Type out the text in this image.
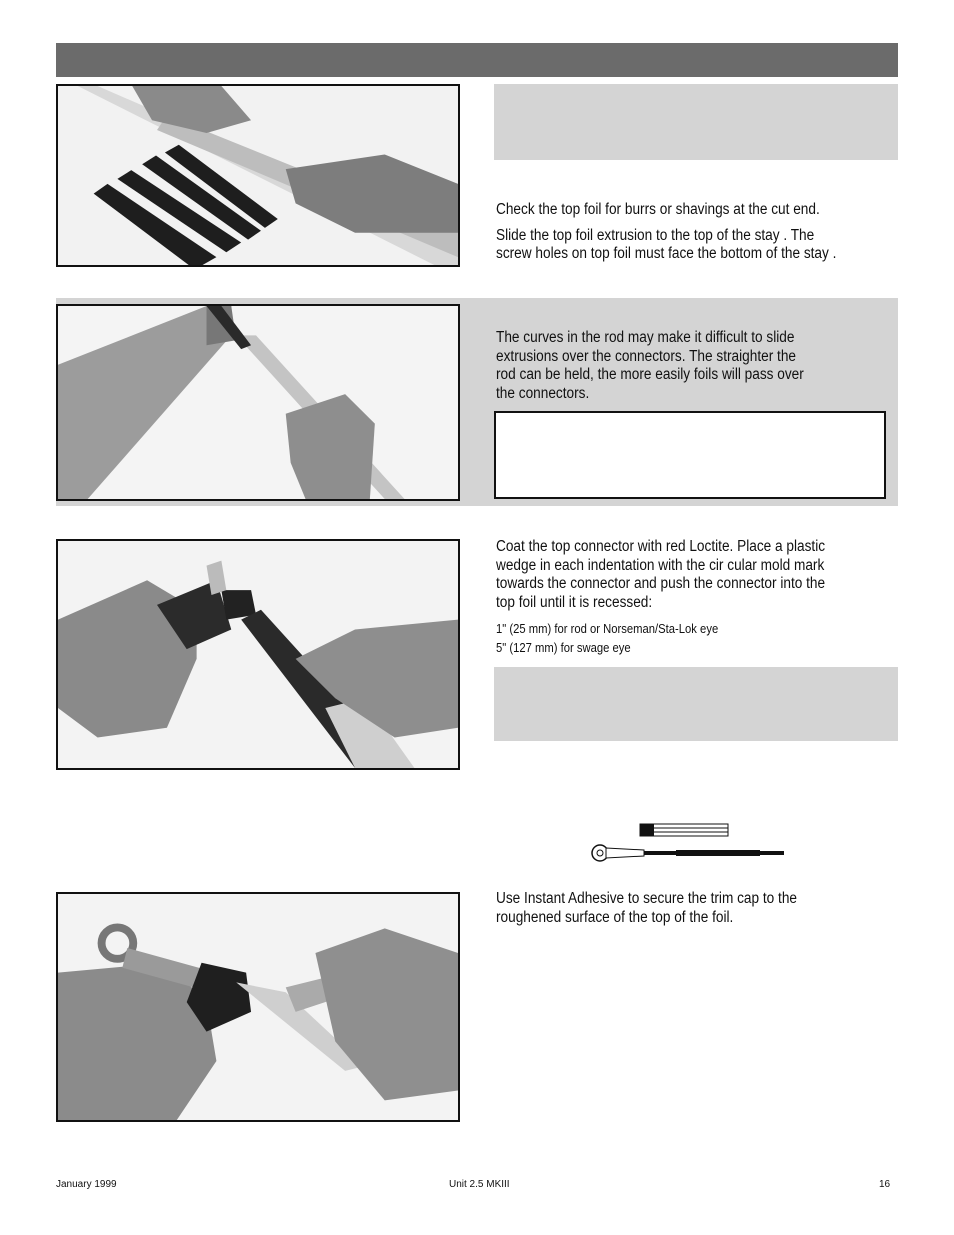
Check the top foil for burrs or shavings at the cut end.
Slide the top foil extrusion to the top of the stay . The
screw holes on top foil must face the bottom of the stay .
The curves in the rod may make it difficult to slide
extrusions over the connectors. The straighter the
rod can be held, the more easily foils will pass over
the connectors.
Coat the top connector with red Loctite. Place a plastic
wedge in each indentation with the cir cular mold mark
towards the connector and push the connector into the
top foil until it is recessed:
1" (25 mm) for rod or Norseman/Sta-Lok eye
5" (127 mm) for swage eye
Use Instant Adhesive to secure the trim cap to the
roughened surface of the top of the foil.
January 1999	Unit 2.5 MKIII	16
